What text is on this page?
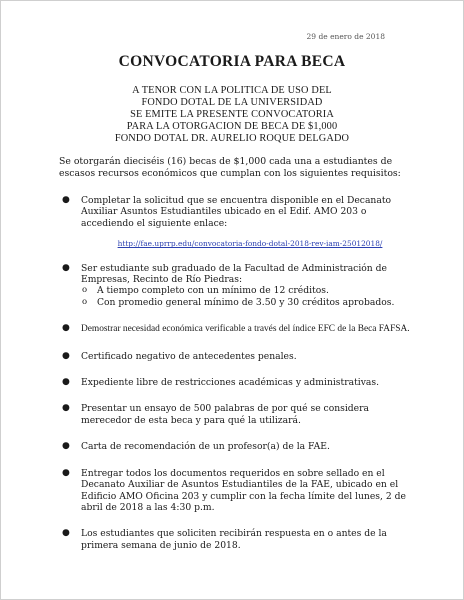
29 de enero de 2018
CONVOCATORIA PARA BECA
A TENOR CON LA POLITICA DE USO DEL
FONDO DOTAL DE LA UNIVERSIDAD
SE EMITE LA PRESENTE CONVOCATORIA
PARA LA OTORGACION DE BECA DE $1,000
FONDO DOTAL DR. AURELIO ROQUE DELGADO
Se otorgarán dieciséis (16) becas de $1,000 cada una a estudiantes de escasos recursos económicos que cumplan con los siguientes requisitos:
● Completar la solicitud que se encuentra disponible en el Decanato Auxiliar Asuntos Estudiantiles ubicado en el Edif. AMO 203 o accediendo el siguiente enlace:
http://fae.uprrp.edu/convocatoria-fondo-dotal-2018-rev-iam-25012018/
● Ser estudiante sub graduado de la Facultad de Administración de Empresas, Recinto de Río Piedras:
o A tiempo completo con un mínimo de 12 créditos.
o Con promedio general mínimo de 3.50 y 30 créditos aprobados.
● Demostrar necesidad económica verificable a través del índice EFC de la Beca FAFSA.
● Certificado negativo de antecedentes penales.
● Expediente libre de restricciones académicas y administrativas.
● Presentar un ensayo de 500 palabras de por qué se considera merecedor de esta beca y para qué la utilizará.
● Carta de recomendación de un profesor(a) de la FAE.
● Entregar todos los documentos requeridos en sobre sellado en el Decanato Auxiliar de Asuntos Estudiantiles de la FAE, ubicado en el Edificio AMO Oficina 203 y cumplir con la fecha límite del lunes, 2 de abril de 2018 a las 4:30 p.m.
● Los estudiantes que soliciten recibirán respuesta en o antes de la primera semana de junio de 2018.
